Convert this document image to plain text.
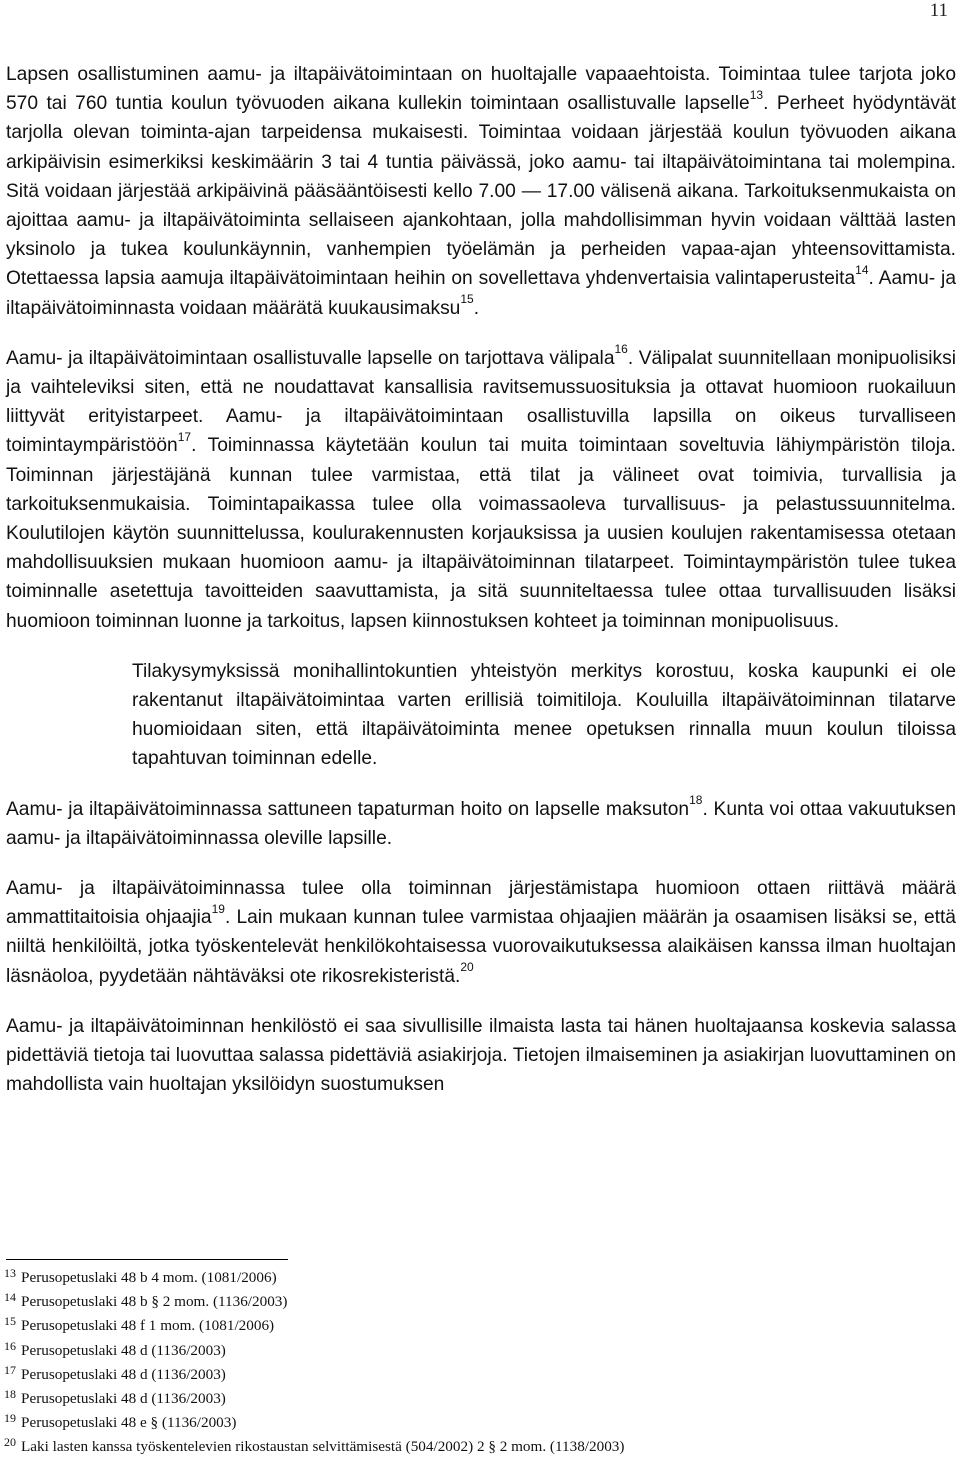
11

Lapsen osallistuminen aamu- ja iltapäivätoimintaan on huoltajalle vapaaehtoista. Toimintaa tulee tarjota joko 570 tai 760 tuntia koulun työvuoden aikana kullekin toimintaan osallistuvalle lapselle$^{13}$. Perheet hyödyntävät tarjolla olevan toiminta-ajan tarpeidensa mukaisesti. Toimintaa voidaan järjestää koulun työvuoden aikana arkipäivisin esimerkiksi keskimäärin 3 tai 4 tuntia päivässä, joko aamu- tai iltapäivätoimintana tai molempina. Sitä voidaan järjestää arkipäivinä pääsääntöisesti kello 7.00 — 17.00 välisenä aikana. Tarkoituksenmukaista on ajoittaa aamu- ja iltapäivätoiminta sellaiseen ajankohtaan, jolla mahdollisimman hyvin voidaan välttää lasten yksinolo ja tukea koulunkäynnin, vanhempien työelämän ja perheiden vapaa-ajan yhteensovittamista. Otettaessa lapsia aamuja iltapäivätoimintaan heihin on sovellettava yhdenvertaisia valintaperusteita$^{14}$. Aamu- ja iltapäivätoiminnasta voidaan määrätä kuukausimaksu$^{15}$.

Aamu- ja iltapäivätoimintaan osallistuvalle lapselle on tarjottava välipala$^{16}$. Välipalat suunnitellaan monipuolisiksi ja vaihteleviksi siten, että ne noudattavat kansallisia ravitsemussuosituksia ja ottavat huomioon ruokailuun liittyvät erityistarpeet. Aamu- ja iltapäivätoimintaan osallistuvilla lapsilla on oikeus turvalliseen toimintaympäristöön$^{17}$. Toiminnassa käytetään koulun tai muita toimintaan soveltuvia lähiympäristön tiloja. Toiminnan järjestäjänä kunnan tulee varmistaa, että tilat ja välineet ovat toimivia, turvallisia ja tarkoituksenmukaisia. Toimintapaikassa tulee olla voimassaoleva turvallisuus- ja pelastussuunnitelma. Koulutilojen käytön suunnittelussa, koulurakennusten korjauksissa ja uusien koulujen rakentamisessa otetaan mahdollisuuksien mukaan huomioon aamu- ja iltapäivätoiminnan tilatarpeet. Toimintaympäristön tulee tukea toiminnalle asetettuja tavoitteiden saavuttamista, ja sitä suunniteltaessa tulee ottaa turvallisuuden lisäksi huomioon toiminnan luonne ja tarkoitus, lapsen kiinnostuksen kohteet ja toiminnan monipuolisuus.

Tilakysymyksissä monihallintokuntien yhteistyön merkitys korostuu, koska kaupunki ei ole rakentanut iltapäivätoimintaa varten erillisiä toimitiloja. Kouluilla iltapäivätoiminnan tilatarve huomioidaan siten, että iltapäivätoiminta menee opetuksen rinnalla muun koulun tiloissa tapahtuvan toiminnan edelle.

Aamu- ja iltapäivätoiminnassa sattuneen tapaturman hoito on lapselle maksuton$^{18}$. Kunta voi ottaa vakuutuksen aamu- ja iltapäivätoiminnassa oleville lapsille.

Aamu- ja iltapäivätoiminnassa tulee olla toiminnan järjestämistapa huomioon ottaen riittävä määrä ammattitaitoisia ohjaajia$^{19}$. Lain mukaan kunnan tulee varmistaa ohjaajien määrän ja osaamisen lisäksi se, että niiltä henkilöiltä, jotka työskentelevät henkilökohtaisessa vuorovaikutuksessa alaikäisen kanssa ilman huoltajan läsnäoloa, pyydetään nähtäväksi ote rikosrekisteristä.$^{20}$

Aamu- ja iltapäivätoiminnan henkilöstö ei saa sivullisille ilmaista lasta tai hänen huoltajaansa koskevia salassa pidettäviä tietoja tai luovuttaa salassa pidettäviä asiakirjoja. Tietojen ilmaiseminen ja asiakirjan luovuttaminen on mahdollista vain huoltajan yksilöidyn suostumuksen

$^{13}$ Perusopetuslaki 48 b 4 mom. (1081/2006)
$^{14}$ Perusopetuslaki 48 b § 2 mom. (1136/2003)
$^{15}$ Perusopetuslaki 48 f 1 mom. (1081/2006)
$^{16}$ Perusopetuslaki 48 d (1136/2003)
$^{17}$ Perusopetuslaki 48 d (1136/2003)
$^{18}$ Perusopetuslaki 48 d (1136/2003)
$^{19}$ Perusopetuslaki 48 e § (1136/2003)
$^{20}$ Laki lasten kanssa työskentelevien rikostaustan selvittämisestä (504/2002) 2 § 2 mom. (1138/2003)
